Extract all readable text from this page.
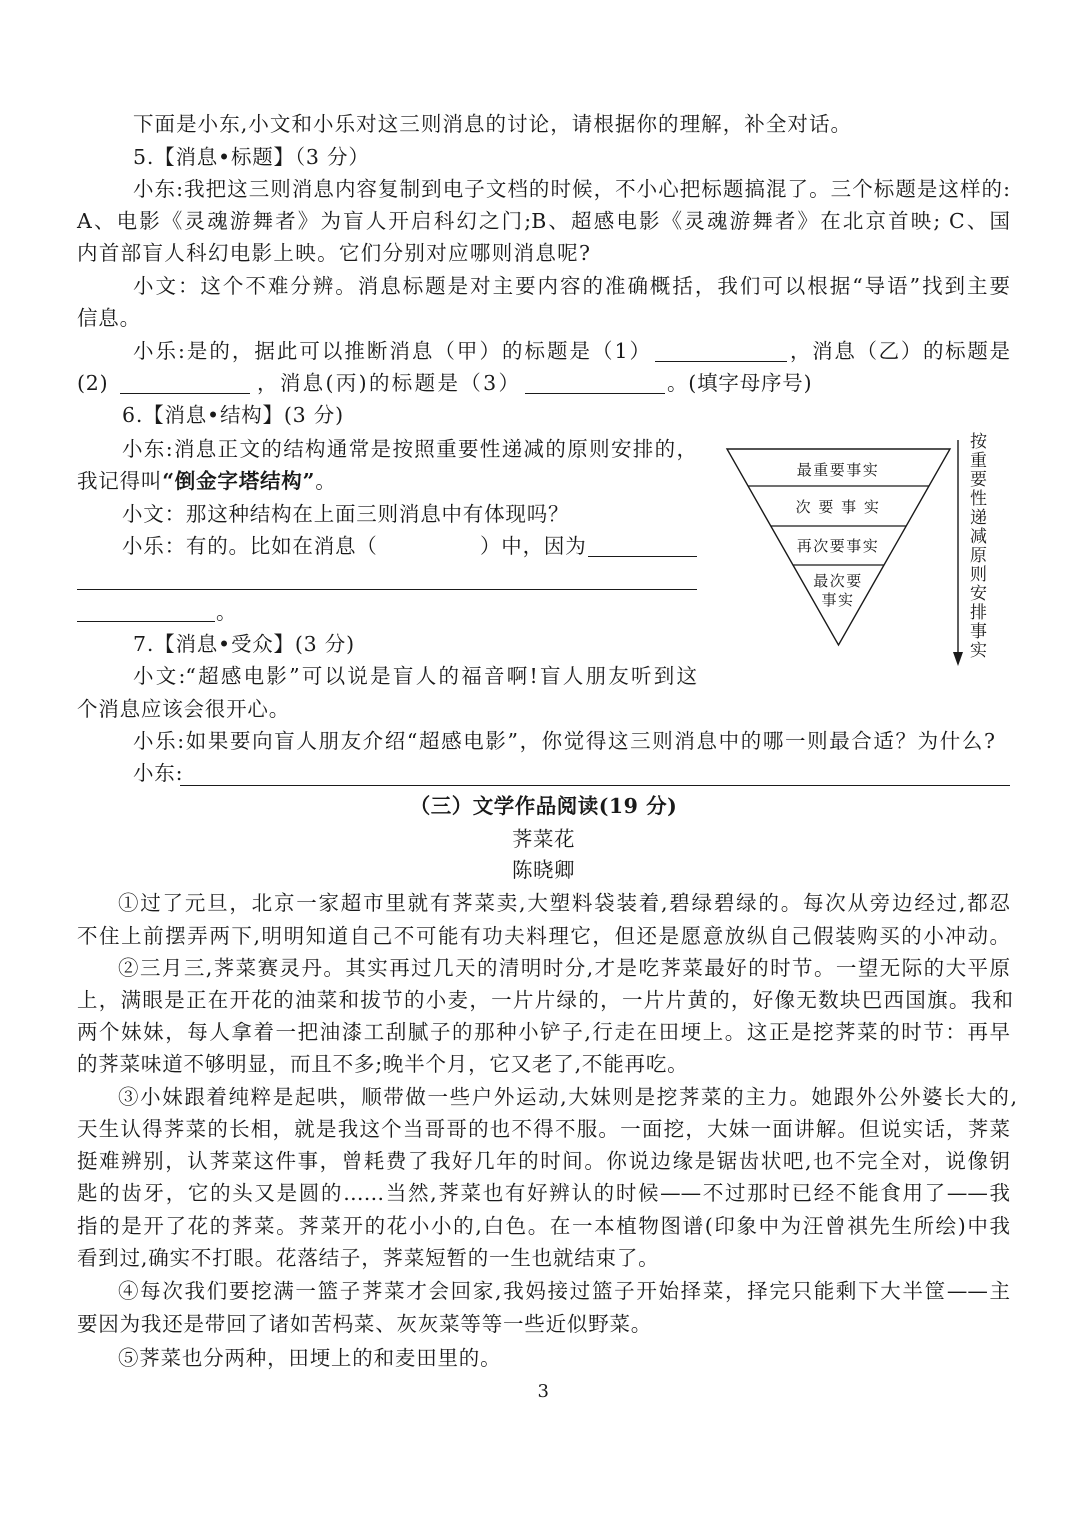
下面是小东,小文和小乐对这三则消息的讨论，请根据你的理解，补全对话。
5.【消息•标题】（3 分）
小东:我把这三则消息内容复制到电子文档的时候，不小心把标题搞混了。三个标题是这样的:
A、电影《灵魂游舞者》为盲人开启科幻之门;B、超感电影《灵魂游舞者》在北京首映; C、国
内首部盲人科幻电影上映。它们分别对应哪则消息呢?
小文：这个不难分辨。消息标题是对主要内容的准确概括，我们可以根据“导语”找到主要
信息。
小乐:是的，据此可以推断消息（甲）的标题是（1）	，消息（乙）的标题是
(2)	，消息(丙)的标题是（3）	。(填字母序号)
6.【消息•结构】(3 分)
小东:消息正文的结构通常是按照重要性递减的原则安排的，
我记得叫“倒金字塔结构”。
小文：那这种结构在上面三则消息中有体现吗？
小乐：有的。比如在消息（	）中，因为
。
最重要事实
次 要 事 实
再次要事实
最次要
事实	按重要性递减原则安排事实
7.【消息•受众】(3 分)
小文:“超感电影”可以说是盲人的福音啊!盲人朋友听到这
个消息应该会很开心。
小乐:如果要向盲人朋友介绍“超感电影”，你觉得这三则消息中的哪一则最合适？为什么?
小东:
（三）文学作品阅读(19 分)
荠菜花
陈晓卿
①过了元旦，北京一家超市里就有荠菜卖,大塑料袋装着,碧绿碧绿的。每次从旁边经过,都忍
不住上前摆弄两下,明明知道自己不可能有功夫料理它，但还是愿意放纵自己假装购买的小冲动。
②三月三,荠菜赛灵丹。其实再过几天的清明时分,才是吃荠菜最好的时节。一望无际的大平原
上，满眼是正在开花的油菜和拔节的小麦，一片片绿的，一片片黄的，好像无数块巴西国旗。我和
两个妹妹，每人拿着一把油漆工刮腻子的那种小铲子,行走在田埂上。这正是挖荠菜的时节：再早
的荠菜味道不够明显，而且不多;晚半个月，它又老了,不能再吃。
③小妹跟着纯粹是起哄，顺带做一些户外运动,大妹则是挖荠菜的主力。她跟外公外婆长大的,
天生认得荠菜的长相，就是我这个当哥哥的也不得不服。一面挖，大妹一面讲解。但说实话，荠菜
挺难辨别，认荠菜这件事，曾耗费了我好几年的时间。你说边缘是锯齿状吧,也不完全对，说像钥
匙的齿牙，它的头又是圆的……当然,荠菜也有好辨认的时候——不过那时已经不能食用了——我
指的是开了花的荠菜。荠菜开的花小小的,白色。在一本植物图谱(印象中为汪曾祺先生所绘)中我
看到过,确实不打眼。花落结子，荠菜短暂的一生也就结束了。
④每次我们要挖满一篮子荠菜才会回家,我妈接过篮子开始择菜，择完只能剩下大半筐——主
要因为我还是带回了诸如苦杩菜、灰灰菜等等一些近似野菜。
⑤荠菜也分两种，田埂上的和麦田里的。
3
